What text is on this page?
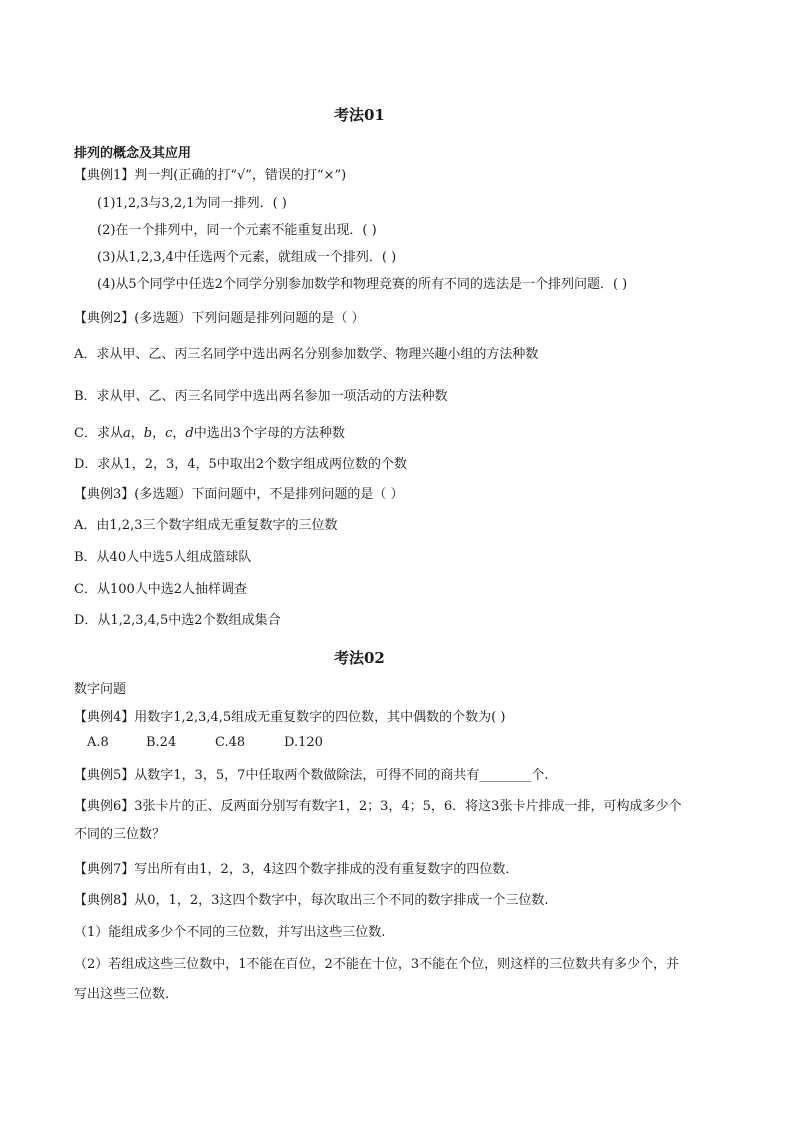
考法01
排列的概念及其应用
【典例1】判一判(正确的打“√”，错误的打“×”)
(1)1,2,3与3,2,1为同一排列．( )
(2)在一个排列中，同一个元素不能重复出现．( )
(3)从1,2,3,4中任选两个元素，就组成一个排列．( )
(4)从5个同学中任选2个同学分别参加数学和物理竞赛的所有不同的选法是一个排列问题．( )
【典例2】(多选题）下列问题是排列问题的是（ ）
A．求从甲、乙、丙三名同学中选出两名分别参加数学、物理兴趣小组的方法种数
B．求从甲、乙、丙三名同学中选出两名参加一项活动的方法种数
C．求从a，b，c，d中选出3个字母的方法种数
D．求从1，2，3，4，5中取出2个数字组成两位数的个数
【典例3】(多选题）下面问题中，不是排列问题的是（ ）
A．由1,2,3三个数字组成无重复数字的三位数
B．从40人中选5人组成篮球队
C．从100人中选2人抽样调查
D．从1,2,3,4,5中选2个数组成集合
考法02
数字问题
【典例4】用数字1,2,3,4,5组成无重复数字的四位数，其中偶数的个数为( )
A.8	B.24	C.48	D.120
【典例5】从数字1，3，5，7中任取两个数做除法，可得不同的商共有________个.
【典例6】3张卡片的正、反两面分别写有数字1，2；3，4；5，6．将这3张卡片排成一排，可构成多少个
不同的三位数？
【典例7】写出所有由1，2，3，4这四个数字排成的没有重复数字的四位数．
【典例8】从0，1，2，3这四个数字中，每次取出三个不同的数字排成一个三位数.
（1）能组成多少个不同的三位数，并写出这些三位数.
（2）若组成这些三位数中，1不能在百位，2不能在十位，3不能在个位，则这样的三位数共有多少个，并
写出这些三位数.
